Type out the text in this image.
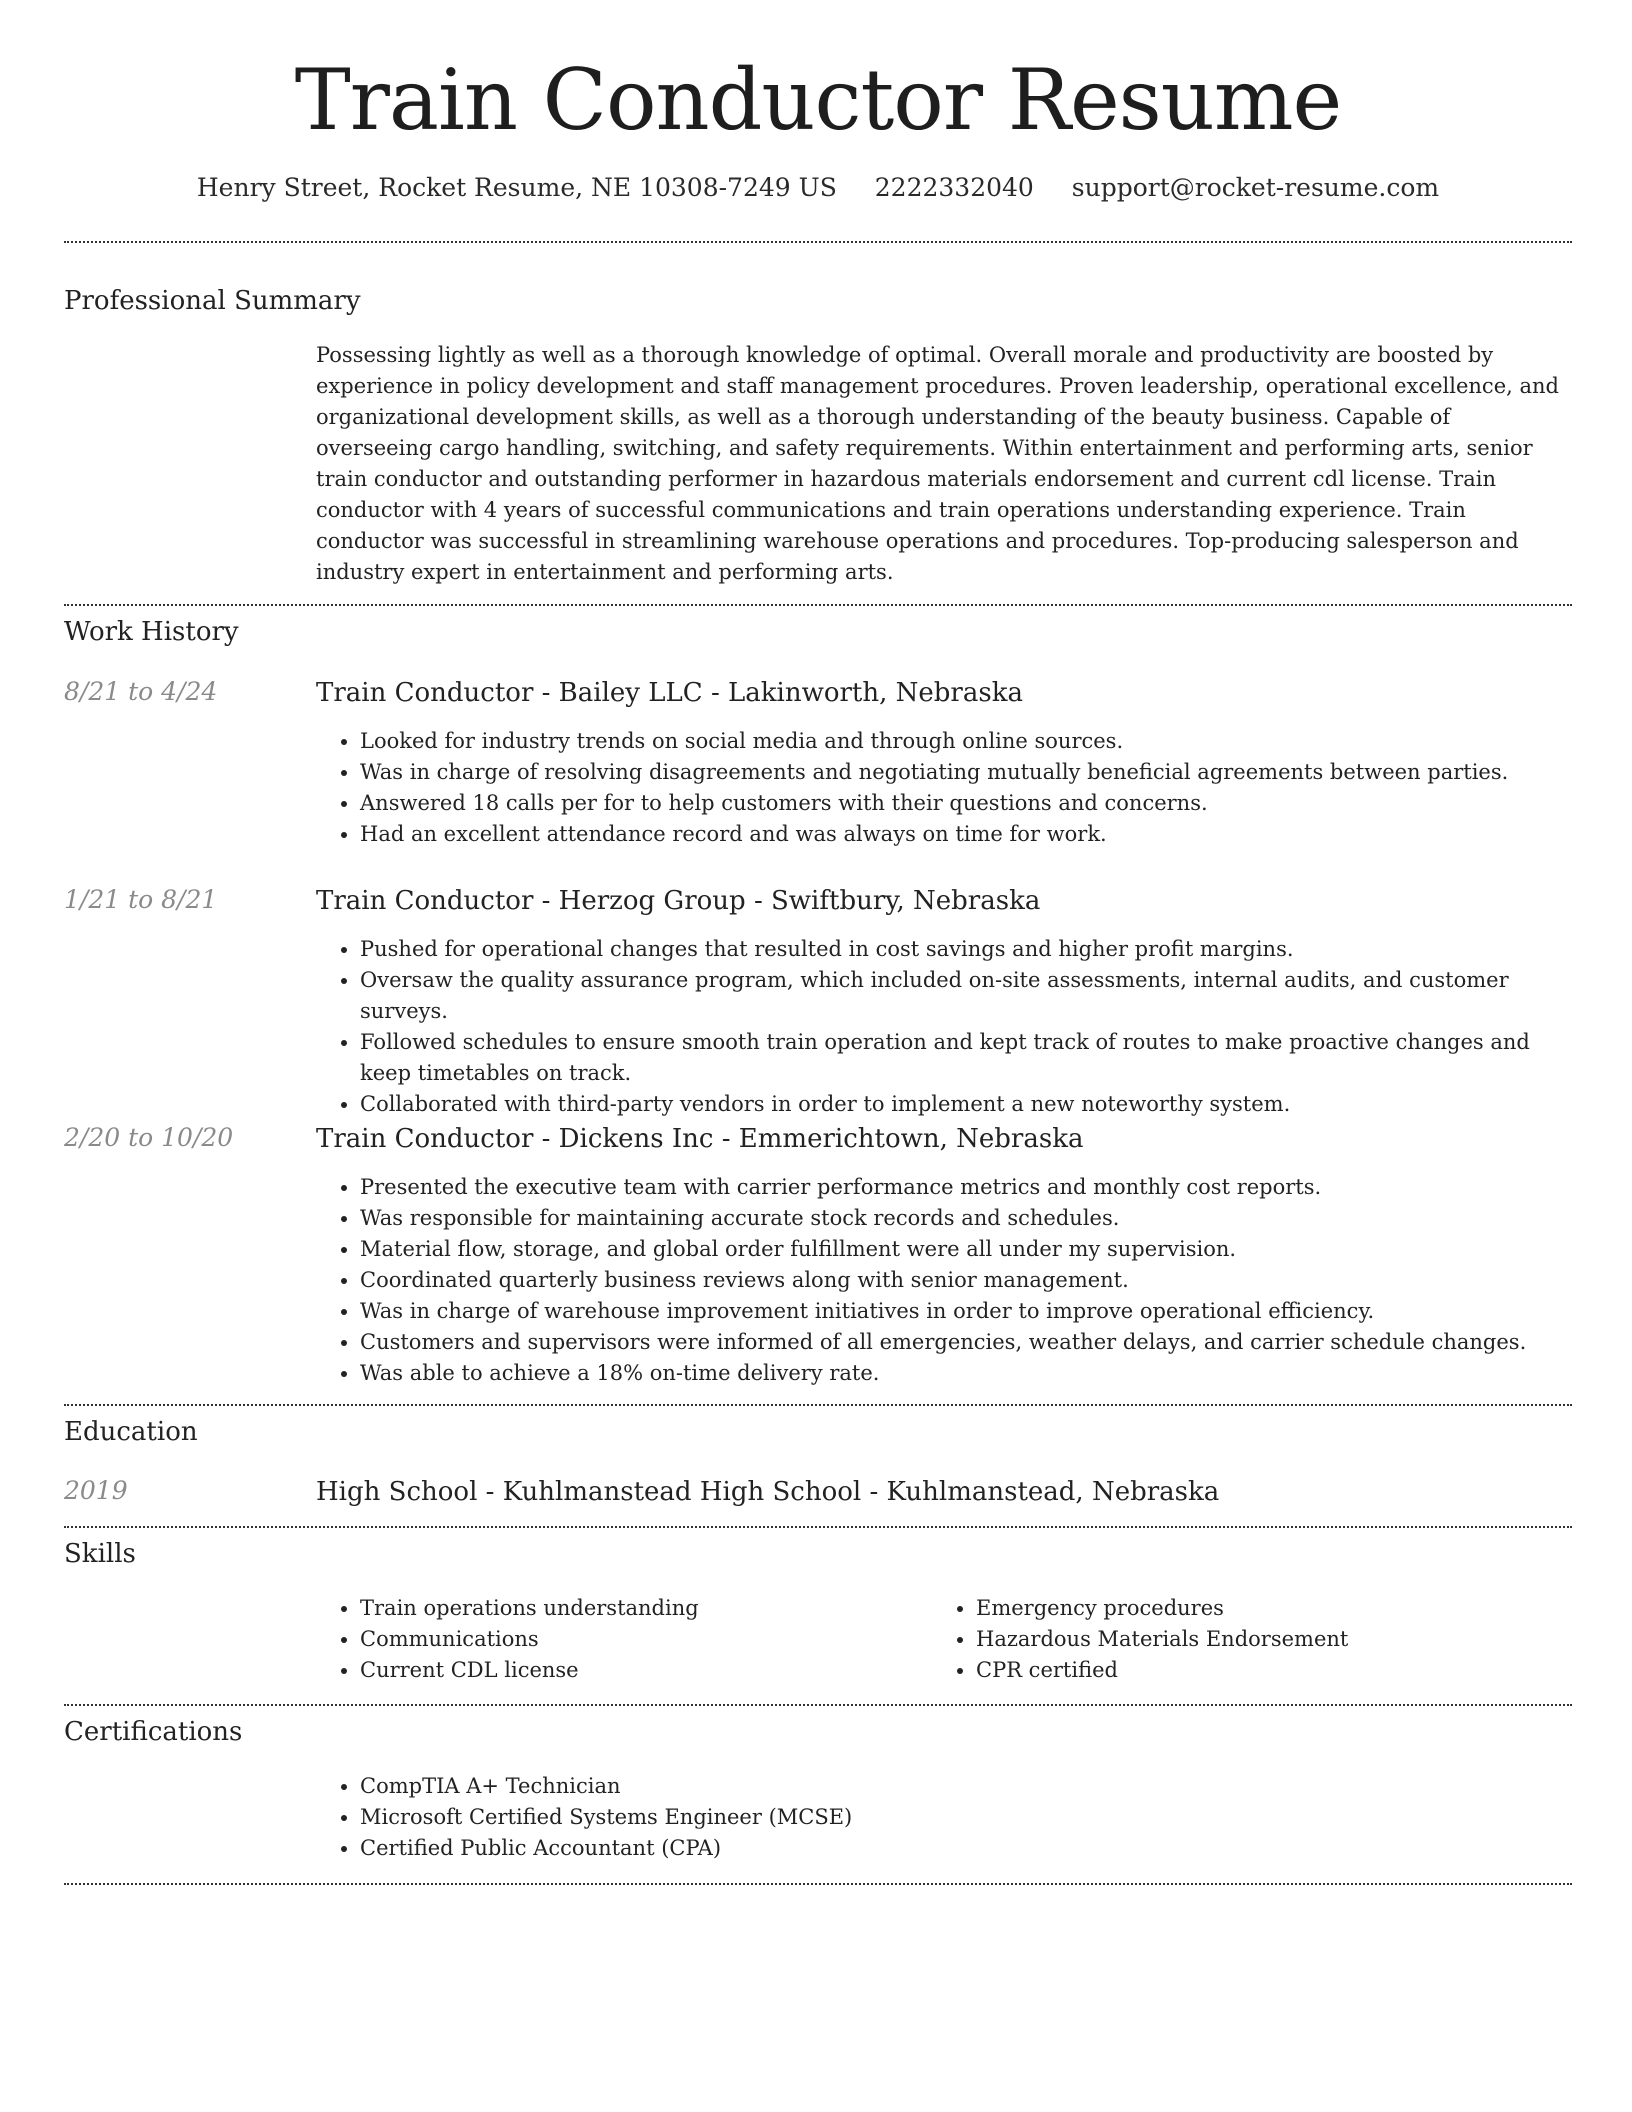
Train Conductor Resume
Henry Street, Rocket Resume, NE 10308-7249 US 2222332040 support@rocket-resume.com
Professional Summary

Possessing lightly as well as a thorough knowledge of optimal. Overall morale and productivity are boosted by experience in policy development and staff management procedures. Proven leadership, operational excellence, and organizational development skills, as well as a thorough understanding of the beauty business. Capable of overseeing cargo handling, switching, and safety requirements. Within entertainment and performing arts, senior train conductor and outstanding performer in hazardous materials endorsement and current cdl license. Train conductor with 4 years of successful communications and train operations understanding experience. Train conductor was successful in streamlining warehouse operations and procedures. Top-producing salesperson and industry expert in entertainment and performing arts.

Work History
8/21 to 4/24	Train Conductor - Bailey LLC - Lakinworth, Nebraska
• Looked for industry trends on social media and through online sources.
• Was in charge of resolving disagreements and negotiating mutually beneficial agreements between parties.
• Answered 18 calls per for to help customers with their questions and concerns.
• Had an excellent attendance record and was always on time for work.
1/21 to 8/21	Train Conductor - Herzog Group - Swiftbury, Nebraska
• Pushed for operational changes that resulted in cost savings and higher profit margins.
• Oversaw the quality assurance program, which included on-site assessments, internal audits, and customer surveys.
• Followed schedules to ensure smooth train operation and kept track of routes to make proactive changes and keep timetables on track.
• Collaborated with third-party vendors in order to implement a new noteworthy system.
2/20 to 10/20	Train Conductor - Dickens Inc - Emmerichtown, Nebraska
• Presented the executive team with carrier performance metrics and monthly cost reports.
• Was responsible for maintaining accurate stock records and schedules.
• Material flow, storage, and global order fulfillment were all under my supervision.
• Coordinated quarterly business reviews along with senior management.
• Was in charge of warehouse improvement initiatives in order to improve operational efficiency.
• Customers and supervisors were informed of all emergencies, weather delays, and carrier schedule changes.
• Was able to achieve a 18% on-time delivery rate.
Education
2019	High School - Kuhlmanstead High School - Kuhlmanstead, Nebraska
Skills
• Train operations understanding
• Communications
• Current CDL license
• Emergency procedures
• Hazardous Materials Endorsement
• CPR certified
Certifications
• CompTIA A+ Technician
• Microsoft Certified Systems Engineer (MCSE)
• Certified Public Accountant (CPA)
